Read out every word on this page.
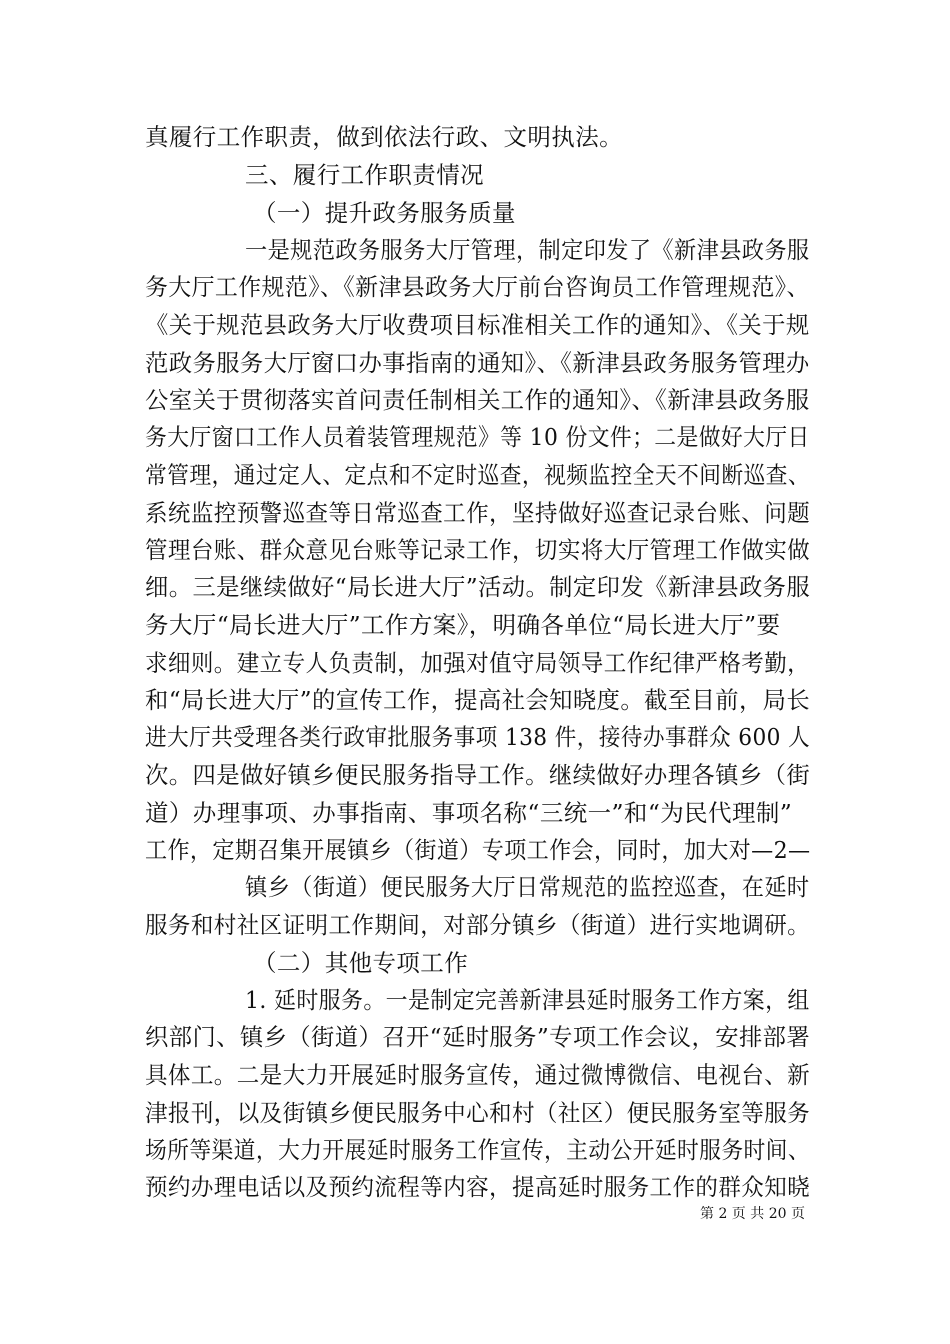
真履行工作职责，做到依法行政、文明执法。
三、履行工作职责情况
（一）提升政务服务质量
一是规范政务服务大厅管理，制定印发了《新津县政务服
务大厅工作规范》、《新津县政务大厅前台咨询员工作管理规范》、
《关于规范县政务大厅收费项目标准相关工作的通知》、《关于规
范政务服务大厅窗口办事指南的通知》、《新津县政务服务管理办
公室关于贯彻落实首问责任制相关工作的通知》、《新津县政务服
务大厅窗口工作人员着装管理规范》等 10 份文件；二是做好大厅日
常管理，通过定人、定点和不定时巡查，视频监控全天不间断巡查、
系统监控预警巡查等日常巡查工作，坚持做好巡查记录台账、问题
管理台账、群众意见台账等记录工作，切实将大厅管理工作做实做
细。三是继续做好“局长进大厅”活动。制定印发《新津县政务服
务大厅“局长进大厅”工作方案》，明确各单位“局长进大厅”要
求细则。建立专人负责制，加强对值守局领导工作纪律严格考勤，
和“局长进大厅”的宣传工作，提高社会知晓度。截至目前，局长
进大厅共受理各类行政审批服务事项 138 件，接待办事群众 600 人
次。四是做好镇乡便民服务指导工作。继续做好办理各镇乡（街
道）办理事项、办事指南、事项名称“三统一”和“为民代理制”
工作，定期召集开展镇乡（街道）专项工作会，同时，加大对—2—
镇乡（街道）便民服务大厅日常规范的监控巡查，在延时
服务和村社区证明工作期间，对部分镇乡（街道）进行实地调研。
（二）其他专项工作
1. 延时服务。一是制定完善新津县延时服务工作方案，组
织部门、镇乡（街道）召开“延时服务”专项工作会议，安排部署
具体工。二是大力开展延时服务宣传，通过微博微信、电视台、新
津报刊，以及街镇乡便民服务中心和村（社区）便民服务室等服务
场所等渠道，大力开展延时服务工作宣传，主动公开延时服务时间、
预约办理电话以及预约流程等内容，提高延时服务工作的群众知晓
第 2 页 共 20 页
